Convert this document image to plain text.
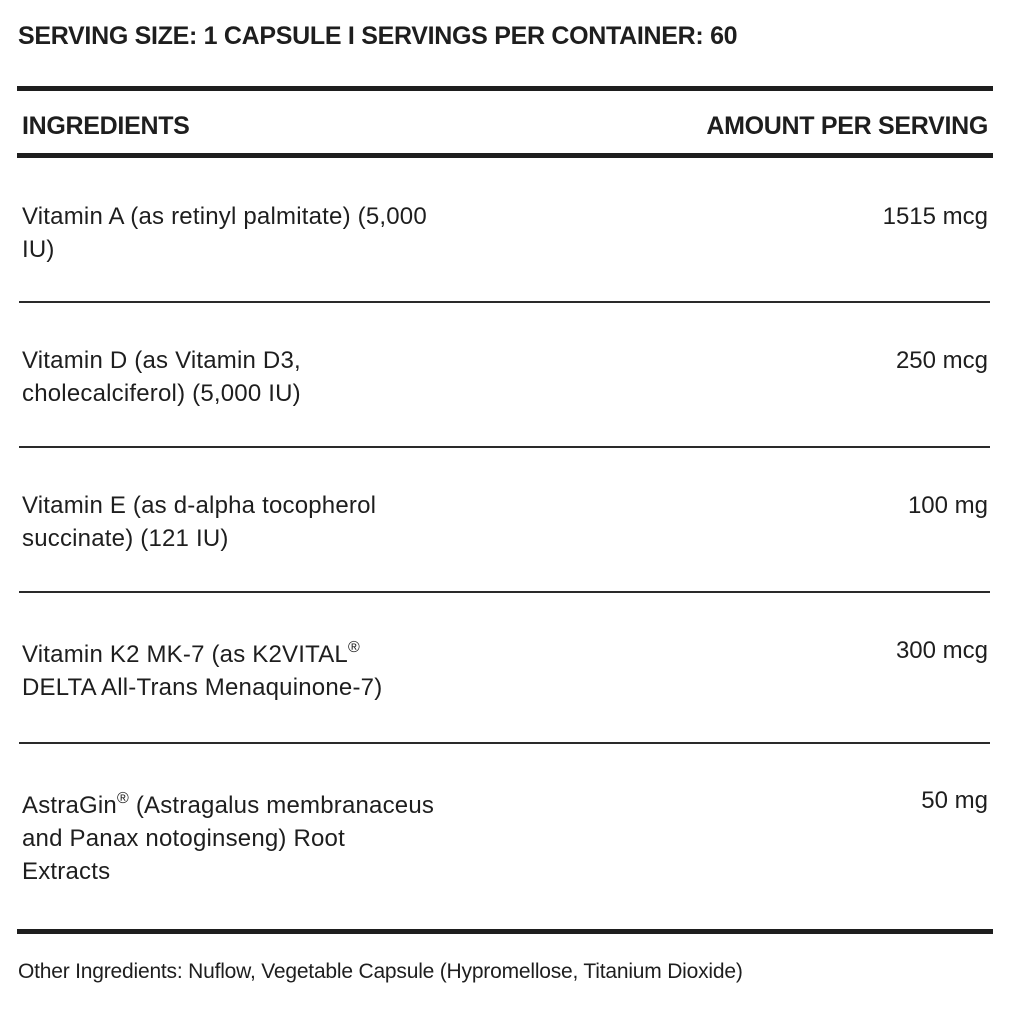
SERVING SIZE: 1 CAPSULE I SERVINGS PER CONTAINER: 60
INGREDIENTS	AMOUNT PER SERVING
Vitamin A (as retinyl palmitate) (5,000
IU)
1515 mcg
Vitamin D (as Vitamin D3,
cholecalciferol) (5,000 IU)
250 mcg
Vitamin E (as d-alpha tocopherol
succinate) (121 IU)
100 mg
Vitamin K2 MK-7 (as K2VITAL®
DELTA All-Trans Menaquinone-7)
300 mcg
AstraGin® (Astragalus membranaceus
and Panax notoginseng) Root
Extracts
50 mg
Other Ingredients: Nuflow, Vegetable Capsule (Hypromellose, Titanium Dioxide)
